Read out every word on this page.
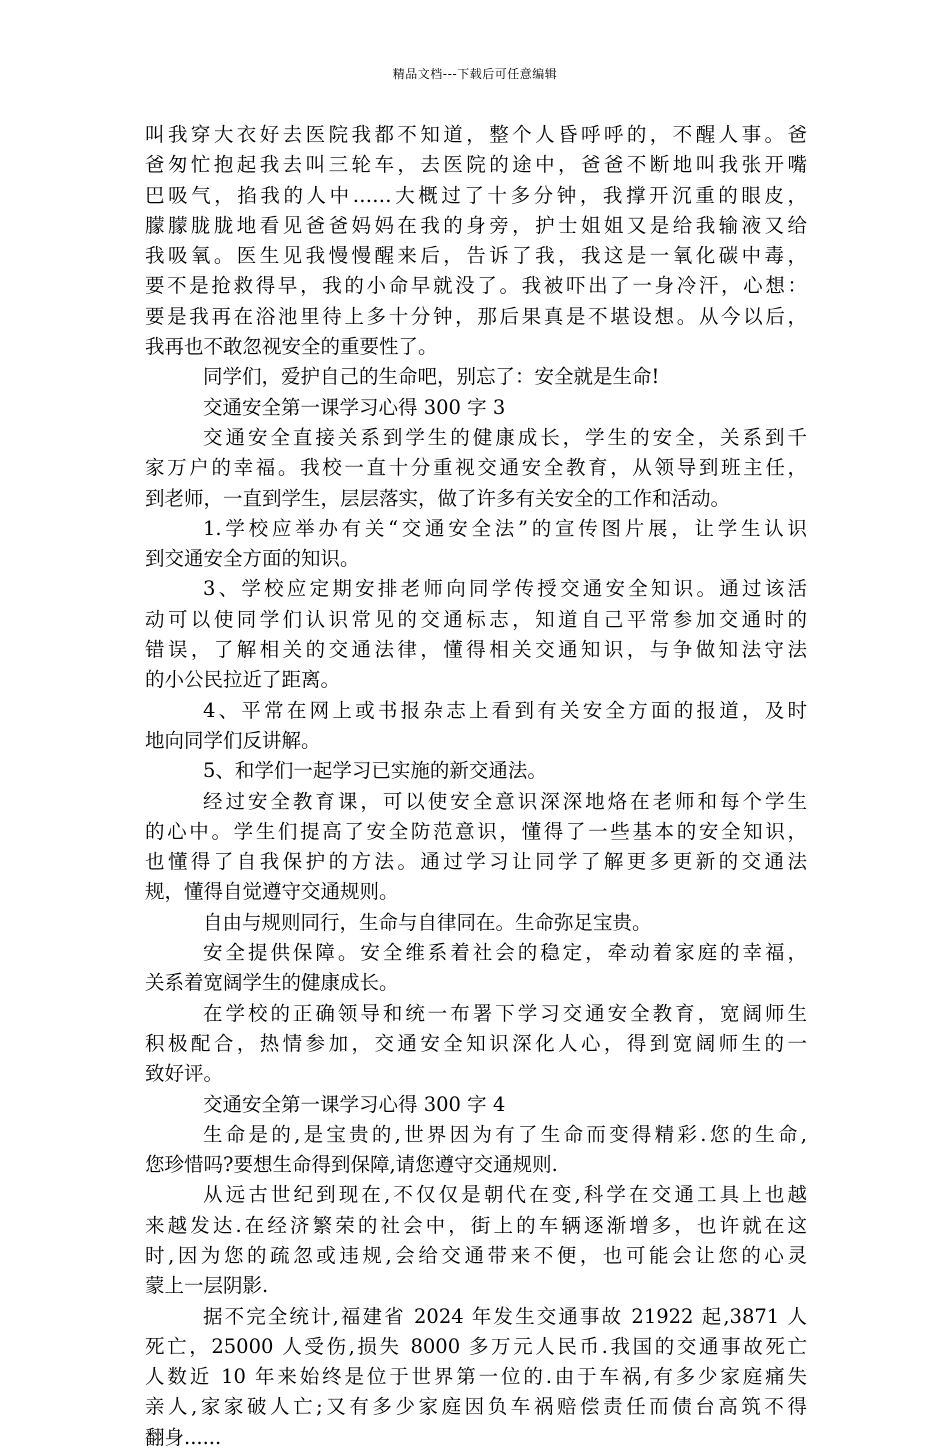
精品文档---下载后可任意编辑
叫我穿大衣好去医院我都不知道，整个人昏呼呼的，不醒人事。爸
爸匆忙抱起我去叫三轮车，去医院的途中，爸爸不断地叫我张开嘴
巴吸气，掐我的人中……大概过了十多分钟，我撑开沉重的眼皮，
朦朦胧胧地看见爸爸妈妈在我的身旁，护士姐姐又是给我输液又给
我吸氧。医生见我慢慢醒来后，告诉了我，我这是一氧化碳中毒，
要不是抢救得早，我的小命早就没了。我被吓出了一身冷汗，心想：
要是我再在浴池里待上多十分钟，那后果真是不堪设想。从今以后，
我再也不敢忽视安全的重要性了。
同学们，爱护自己的生命吧，别忘了：安全就是生命!
交通安全第一课学习心得 300 字 3
交通安全直接关系到学生的健康成长，学生的安全，关系到千
家万户的幸福。我校一直十分重视交通安全教育，从领导到班主任，
到老师，一直到学生，层层落实，做了许多有关安全的工作和活动。
1.学校应举办有关“交通安全法”的宣传图片展，让学生认识
到交通安全方面的知识。
3、学校应定期安排老师向同学传授交通安全知识。通过该活
动可以使同学们认识常见的交通标志，知道自己平常参加交通时的
错误，了解相关的交通法律，懂得相关交通知识，与争做知法守法
的小公民拉近了距离。
4、平常在网上或书报杂志上看到有关安全方面的报道，及时
地向同学们反讲解。
5、和学们一起学习已实施的新交通法。
经过安全教育课，可以使安全意识深深地烙在老师和每个学生
的心中。学生们提高了安全防范意识，懂得了一些基本的安全知识，
也懂得了自我保护的方法。通过学习让同学了解更多更新的交通法
规，懂得自觉遵守交通规则。
自由与规则同行，生命与自律同在。生命弥足宝贵。
安全提供保障。安全维系着社会的稳定，牵动着家庭的幸福，
关系着宽阔学生的健康成长。
在学校的正确领导和统一布署下学习交通安全教育，宽阔师生
积极配合，热情参加，交通安全知识深化人心，得到宽阔师生的一
致好评。
交通安全第一课学习心得 300 字 4
生命是的,是宝贵的,世界因为有了生命而变得精彩.您的生命,
您珍惜吗?要想生命得到保障,请您遵守交通规则.
从远古世纪到现在,不仅仅是朝代在变,科学在交通工具上也越
来越发达.在经济繁荣的社会中，街上的车辆逐渐增多，也许就在这
时,因为您的疏忽或违规,会给交通带来不便，也可能会让您的心灵
蒙上一层阴影.
据不完全统计,福建省 2024 年发生交通事故 21922 起,3871 人
死亡，25000 人受伤,损失 8000 多万元人民币.我国的交通事故死亡
人数近 10 年来始终是位于世界第一位的.由于车祸,有多少家庭痛失
亲人,家家破人亡;又有多少家庭因负车祸赔偿责任而债台高筑不得
翻身......
